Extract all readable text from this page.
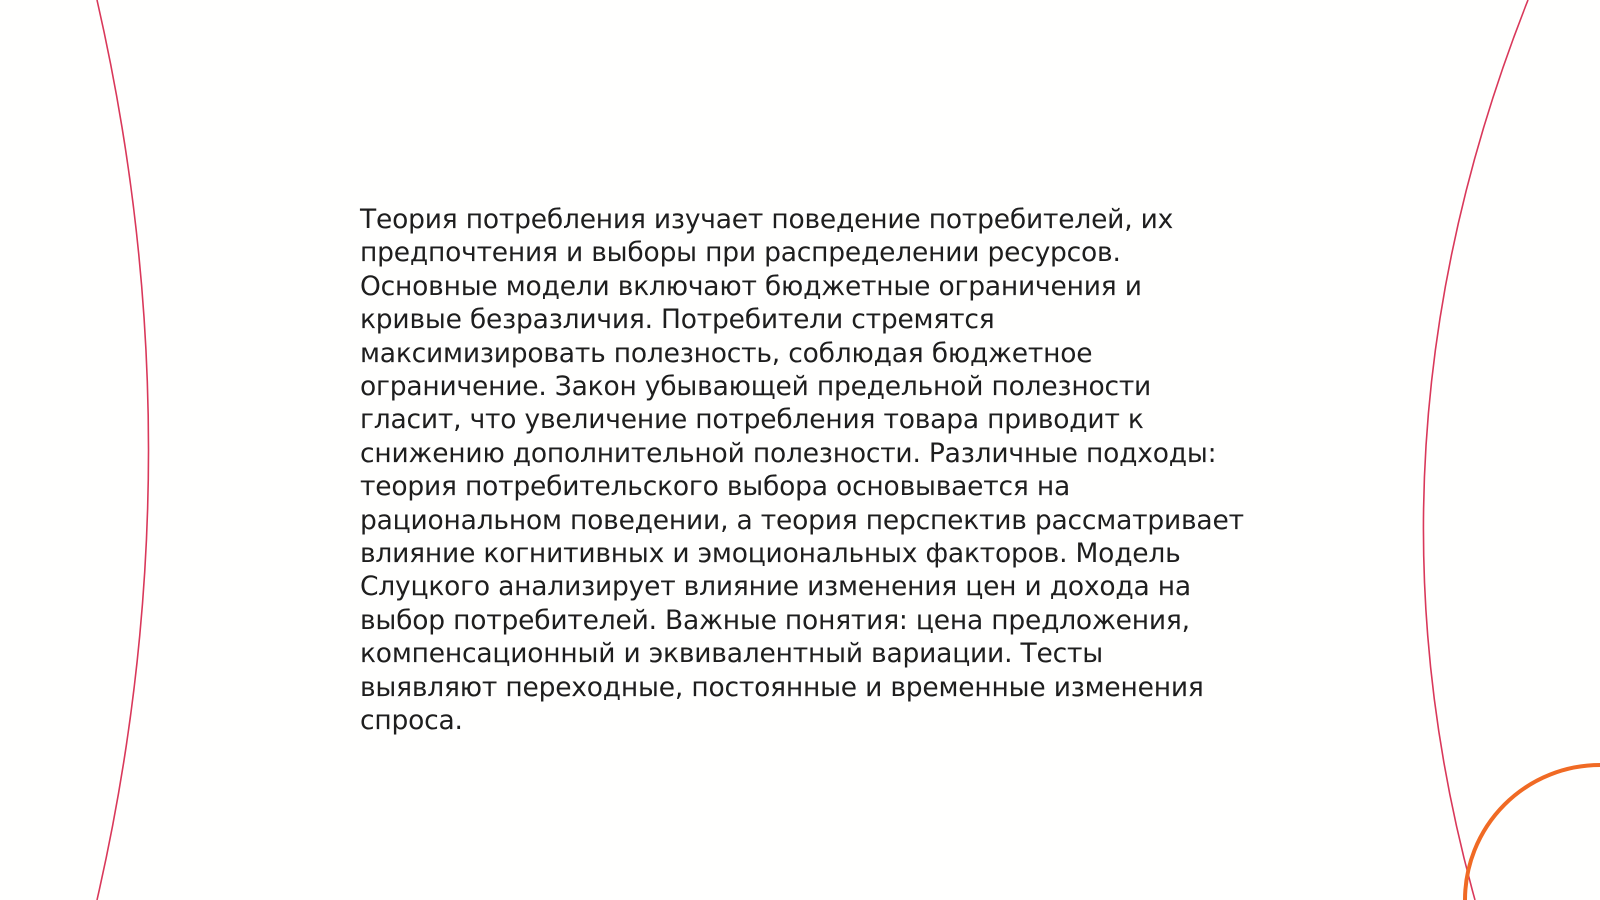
Теория потребления изучает поведение потребителей, их
предпочтения и выборы при распределении ресурсов.
Основные модели включают бюджетные ограничения и
кривые безразличия. Потребители стремятся
максимизировать полезность, соблюдая бюджетное
ограничение. Закон убывающей предельной полезности
гласит, что увеличение потребления товара приводит к
снижению дополнительной полезности. Различные подходы:
теория потребительского выбора основывается на
рациональном поведении, а теория перспектив рассматривает
влияние когнитивных и эмоциональных факторов. Модель
Слуцкого анализирует влияние изменения цен и дохода на
выбор потребителей. Важные понятия: цена предложения,
компенсационный и эквивалентный вариации. Тесты
выявляют переходные, постоянные и временные изменения
спроса.
